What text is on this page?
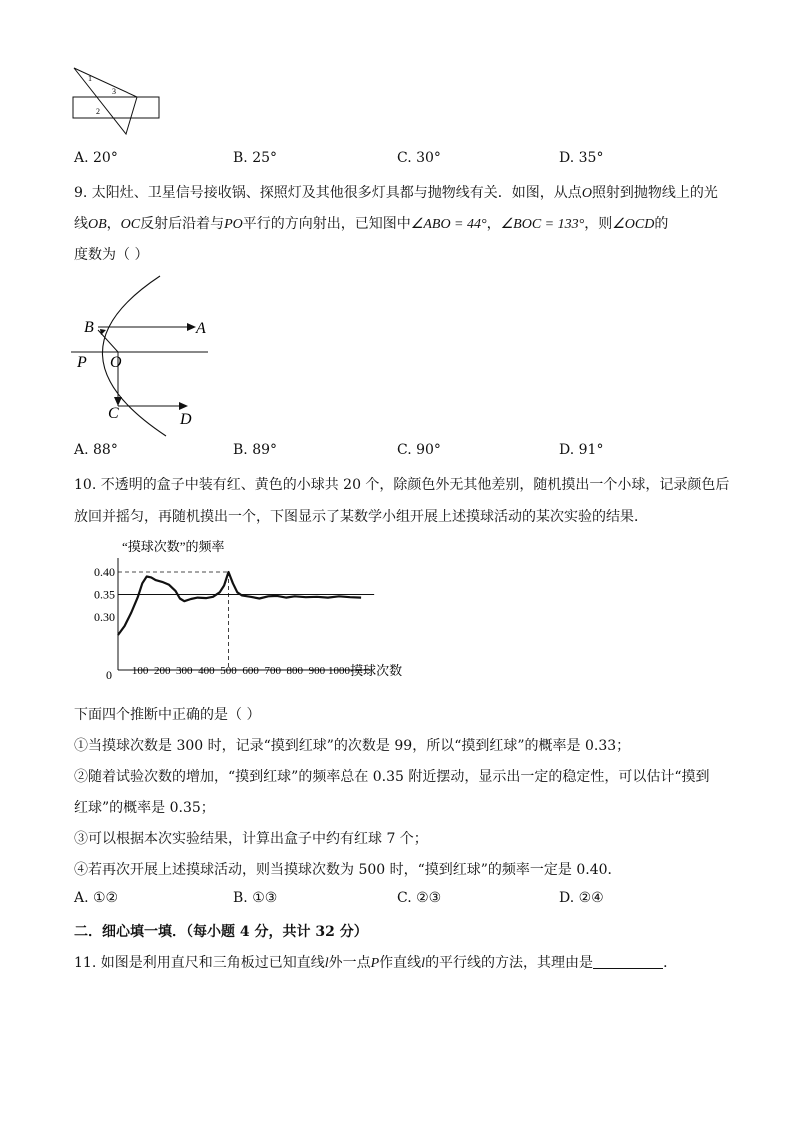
1
3
2
A. 20°	B. 25°	C. 30°	D. 35°
9. 太阳灶、卫星信号接收锅、探照灯及其他很多灯具都与抛物线有关．如图，从点O照射到抛物线上的光
线OB，OC反射后沿着与PO平行的方向射出，已知图中∠ABO = 44°，∠BOC = 133°，则∠OCD的
度数为（ ）
B	A
P O
C	D
A. 88°	B. 89°	C. 90°	D. 91°
10. 不透明的盒子中装有红、黄色的小球共 20 个，除颜色外无其他差别，随机摸出一个小球，记录颜色后
放回并摇匀，再随机摸出一个，下图显示了某数学小组开展上述摸球活动的某次实验的结果．
“摸球次数”的频率
0.30
0.35
0.40
100 200 300 400 500 600 700 800 900 1000
0	摸球次数
下面四个推断中正确的是（ ）
①当摸球次数是 300 时，记录“摸到红球”的次数是 99，所以“摸到红球”的概率是 0.33；
②随着试验次数的增加，“摸到红球”的频率总在 0.35 附近摆动，显示出一定的稳定性，可以估计“摸到
红球”的概率是 0.35；
③可以根据本次实验结果，计算出盒子中约有红球 7 个；
④若再次开展上述摸球活动，则当摸球次数为 500 时，“摸到红球”的频率一定是 0.40．
A. ①②	B. ①③	C. ②③	D. ②④
二．细心填一填．（每小题 4 分，共计 32 分）
11. 如图是利用直尺和三角板过已知直线l外一点P作直线l的平行线的方法，其理由是	．
